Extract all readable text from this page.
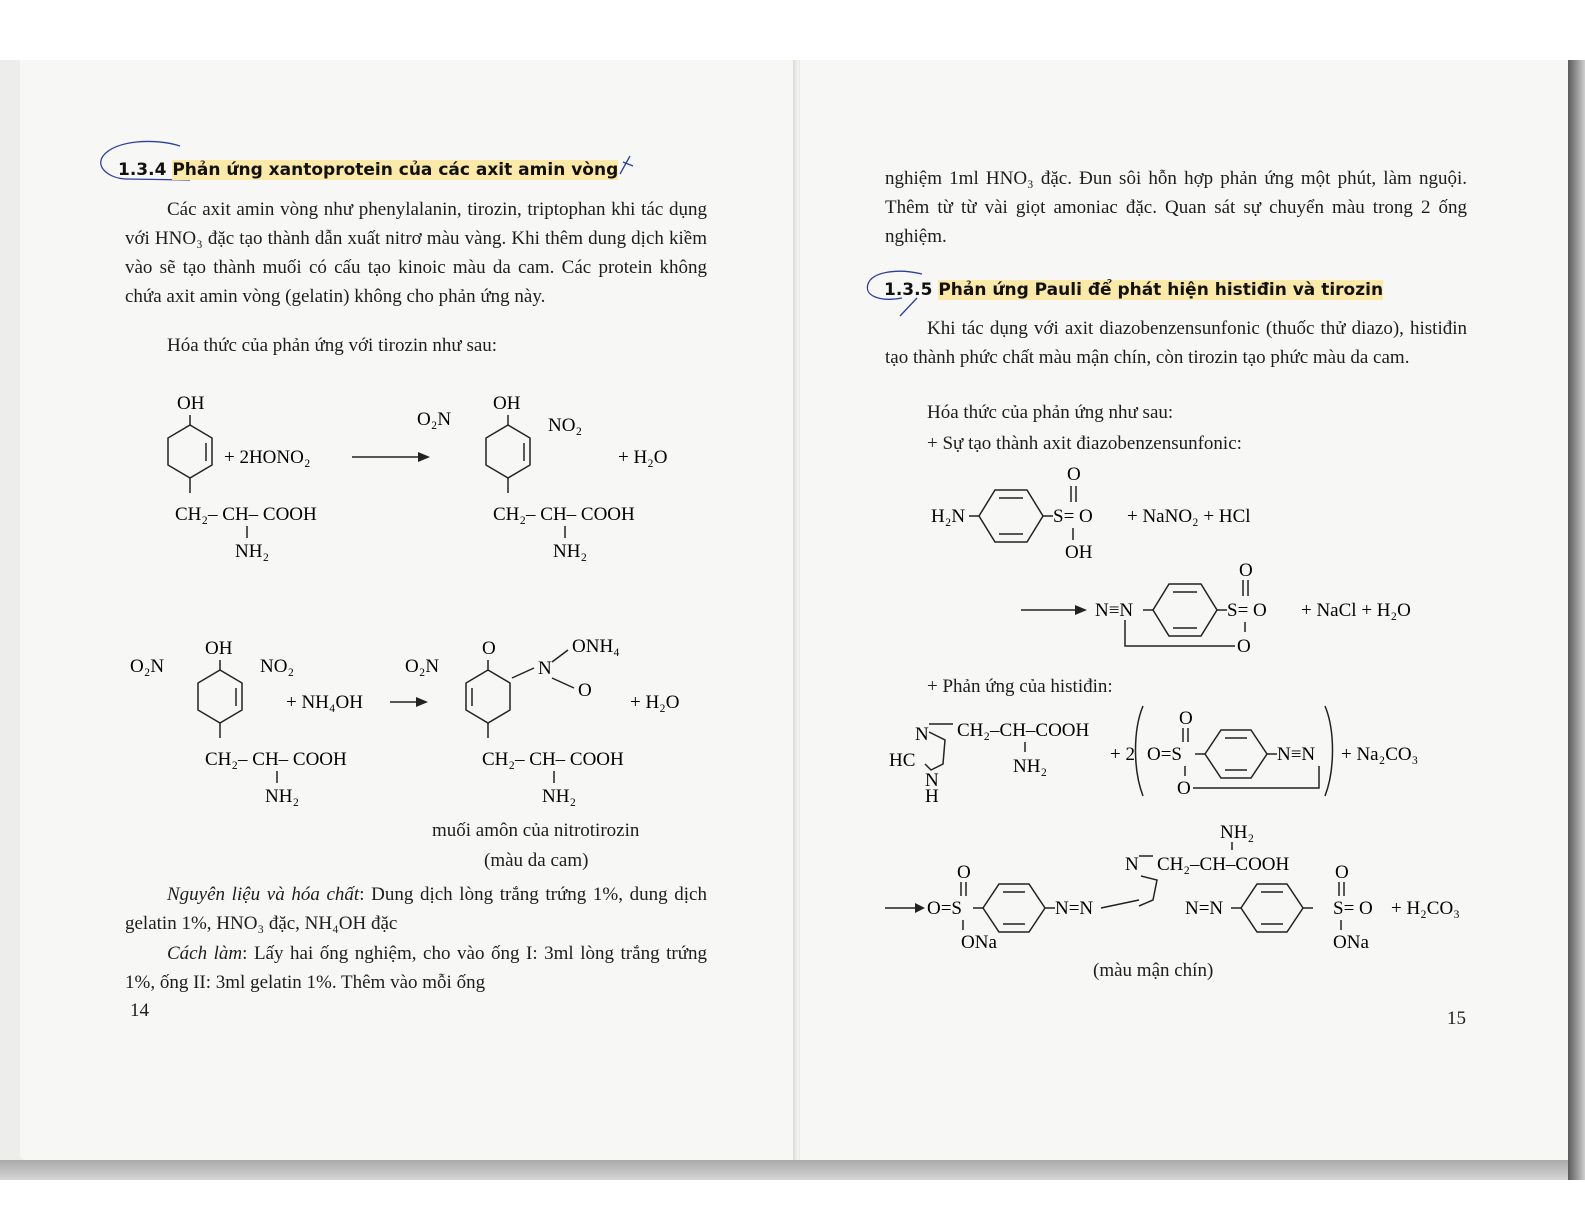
1.3.4 Phản ứng xantoprotein của các axit amin vòng

Các axit amin vòng như phenylalanin, tirozin, triptophan khi tác dụng với HNO₃ đặc tạo thành dẫn xuất nitrơ màu vàng. Khi thêm dung dịch kiềm vào sẽ tạo thành muối có cấu tạo kinoic màu da cam. Các protein không chứa axit amin vòng (gelatin) không cho phản ứng này.

Hóa thức của phản ứng với tirozin như sau:

OH
+ 2HONO₂
CH₂– CH– COOH
NH₂
OH
O₂N	NO₂
+ H₂O
CH₂– CH– COOH
NH₂
OH
O₂N	NO₂
+ NH₄OH
CH₂– CH– COOH
NH₂
O₂N
O
N
ONH₄
O
+ H₂O
CH₂– CH– COOH
NH₂
muối amôn của nitrotirozin
(màu da cam)

Nguyên liệu và hóa chất: Dung dịch lòng trắng trứng 1%, dung dịch gelatin 1%, HNO₃ đặc, NH₄OH đặc

Cách làm: Lấy hai ống nghiệm, cho vào ống I: 3ml lòng trắng trứng 1%, ống II: 3ml gelatin 1%. Thêm vào mỗi ống

14

nghiệm 1ml HNO₃ đặc. Đun sôi hỗn hợp phản ứng một phút, làm nguội. Thêm từ từ vài giọt amoniac đặc. Quan sát sự chuyển màu trong 2 ống nghiệm.

1.3.5 Phản ứng Pauli để phát hiện histiđin và tirozin

Khi tác dụng với axit diazobenzensunfonic (thuốc thử diazo), histiđin tạo thành phức chất màu mận chín, còn tirozin tạo phức màu da cam.

Hóa thức của phản ứng như sau:

+ Sự tạo thành axit điazobenzensunfonic:

H₂N
O
S= O
OH
+ NaNO₂ + HCl
N≡N
O
S= O
O
+ NaCl + H₂O

+ Phản ứng của histiđin:

N
HC
N
H
CH₂–CH–COOH
NH₂
+ 2
O
O=S
O
N≡N + Na₂CO₃
NH₂
N CH₂–CH–COOH
O
O=S
ONa
N=N	N=N
O
S= O
ONa
+ H₂CO₃
(màu mận chín)
15
